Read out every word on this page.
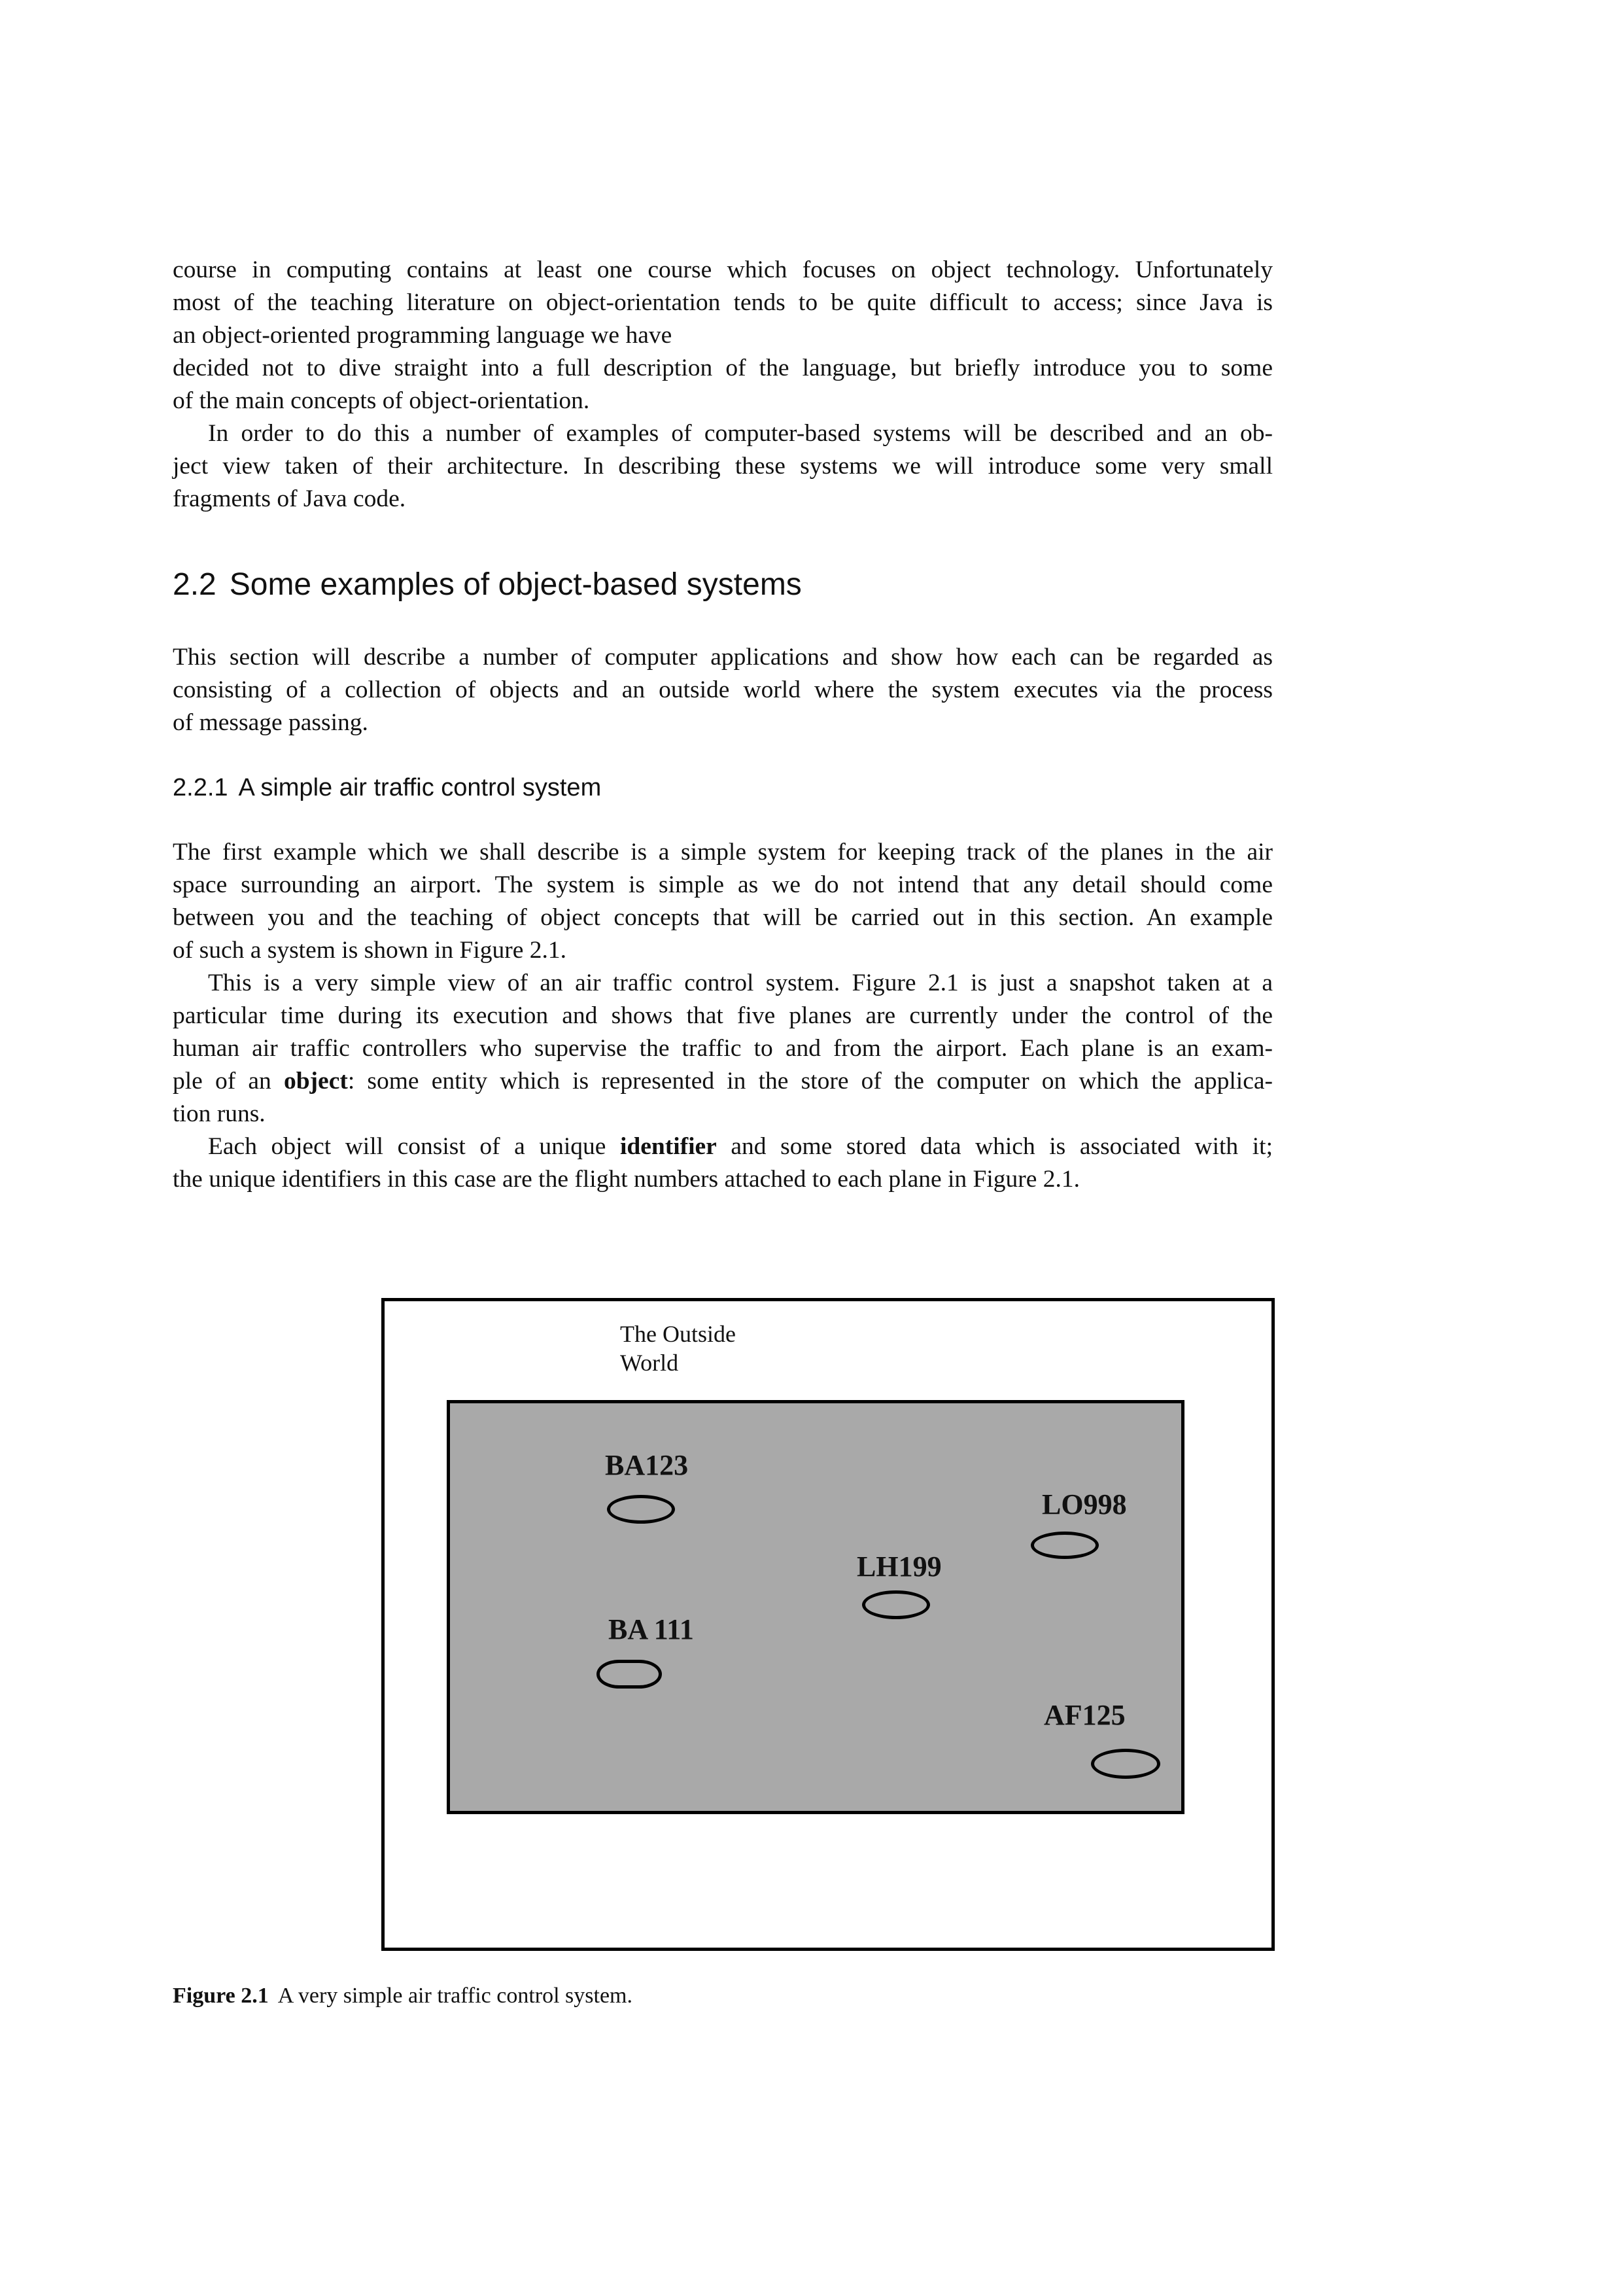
course in computing contains at least one course which focuses on object technology. Unfortunately
most of the teaching literature on object-orientation tends to be quite difficult to access; since Java is
an object-oriented programming language we have
decided not to dive straight into a full description of the language, but briefly introduce you to some
of the main concepts of object-orientation.

In order to do this a number of examples of computer-based systems will be described and an ob-
ject view taken of their architecture. In describing these systems we will introduce some very small
fragments of Java code.

2.2 Some examples of object-based systems

This section will describe a number of computer applications and show how each can be regarded as
consisting of a collection of objects and an outside world where the system executes via the process
of message passing.

2.2.1 A simple air traffic control system

The first example which we shall describe is a simple system for keeping track of the planes in the air
space surrounding an airport. The system is simple as we do not intend that any detail should come
between you and the teaching of object concepts that will be carried out in this section. An example
of such a system is shown in Figure 2.1.

This is a very simple view of an air traffic control system. Figure 2.1 is just a snapshot taken at a
particular time during its execution and shows that five planes are currently under the control of the
human air traffic controllers who supervise the traffic to and from the airport. Each plane is an exam-
ple of an object: some entity which is represented in the store of the computer on which the applica-
tion runs.

Each object will consist of a unique identifier and some stored data which is associated with it;
the unique identifiers in this case are the flight numbers attached to each plane in Figure 2.1.

The Outside
World
BA123
LO998
LH199
BA 111
AF125
Figure 2.1 A very simple air traffic control system.
